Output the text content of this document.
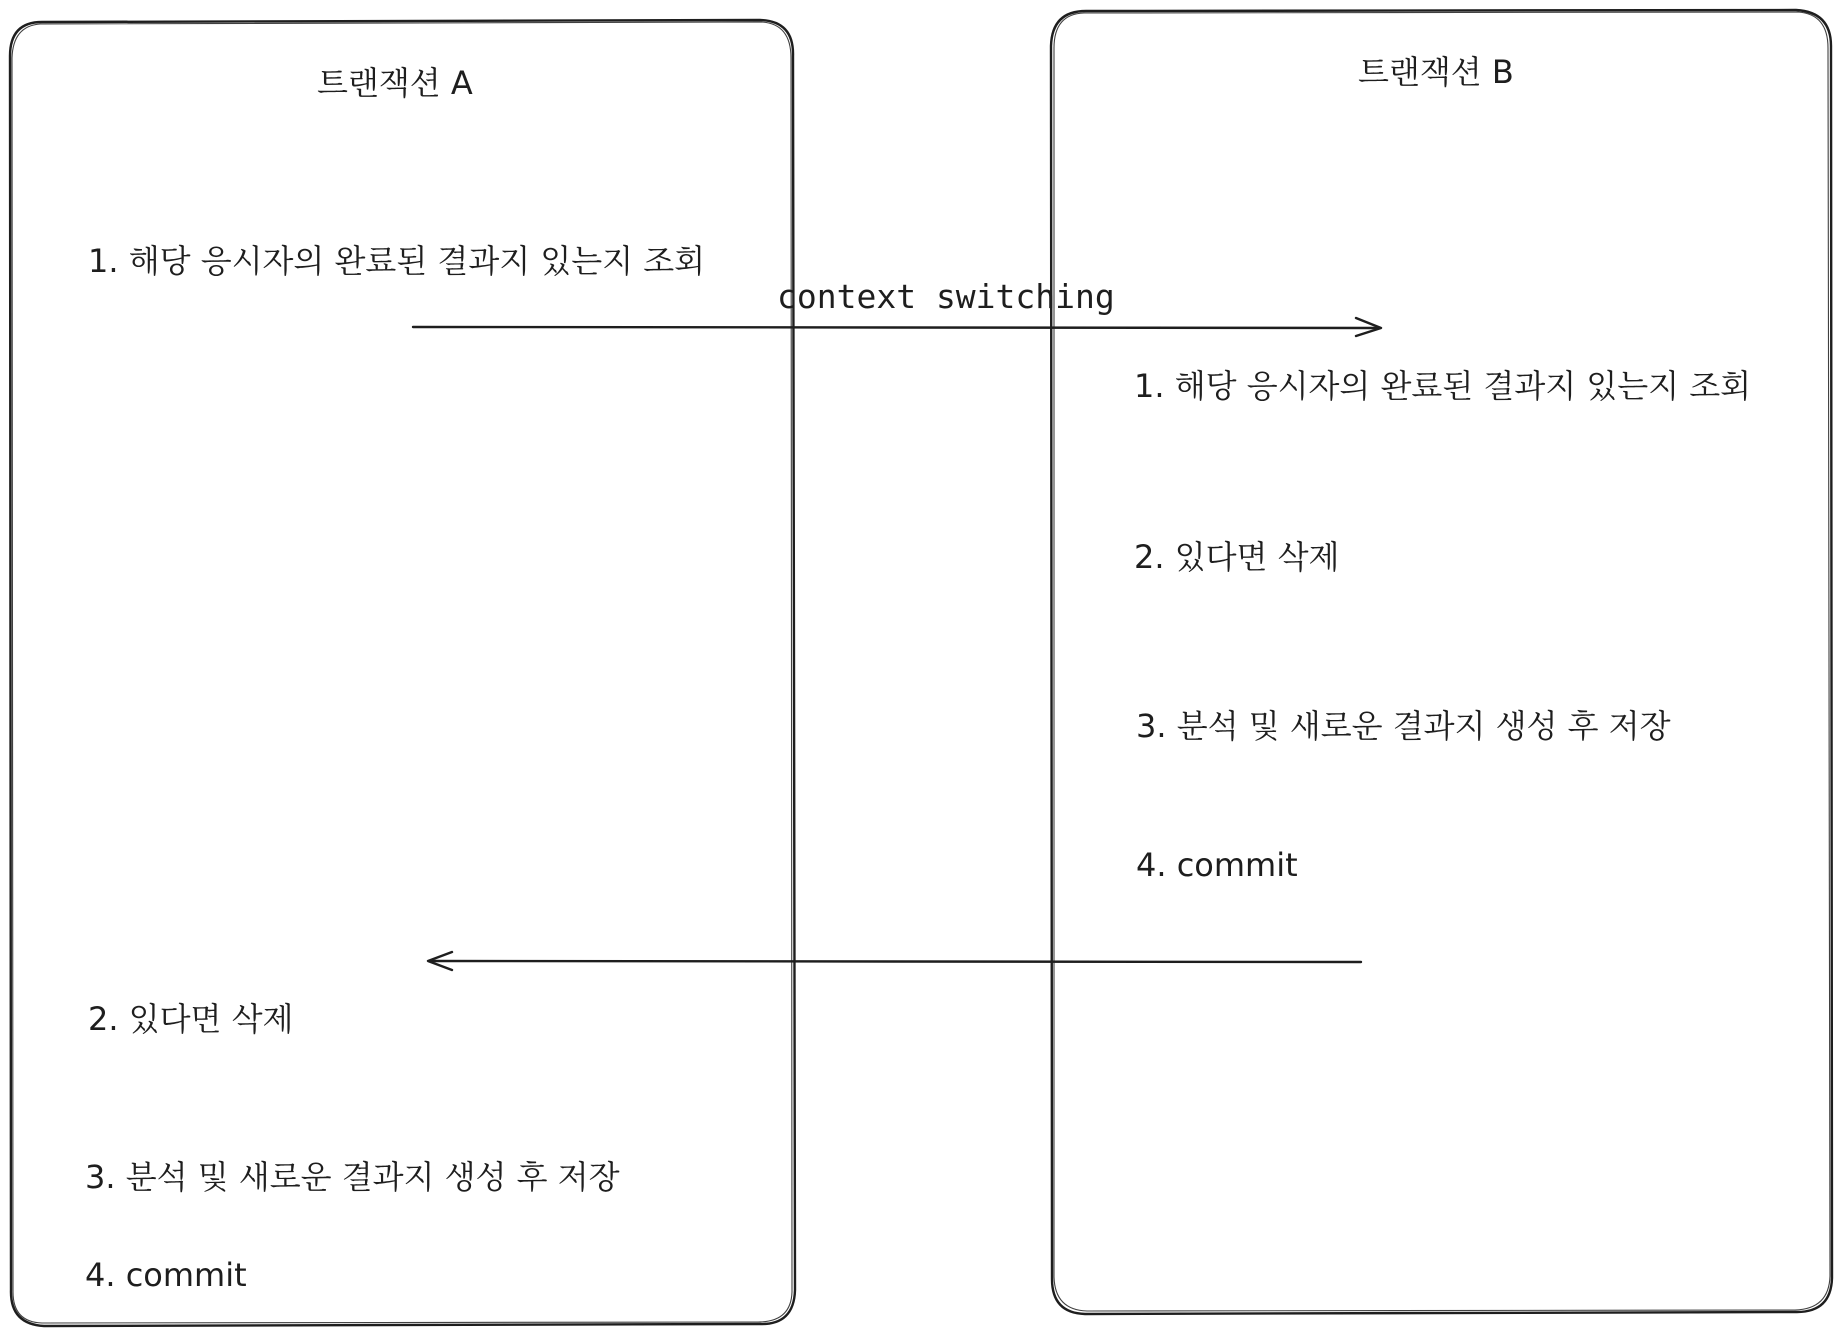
트랜잭션 A
1. 해당 응시자의 완료된 결과지 있는지 조회
2. 있다면 삭제
3. 분석 및 새로운 결과지 생성 후 저장
4. commit
트랜잭션 B
1. 해당 응시자의 완료된 결과지 있는지 조회
2. 있다면 삭제
3. 분석 및 새로운 결과지 생성 후 저장
4. commit
context switching
